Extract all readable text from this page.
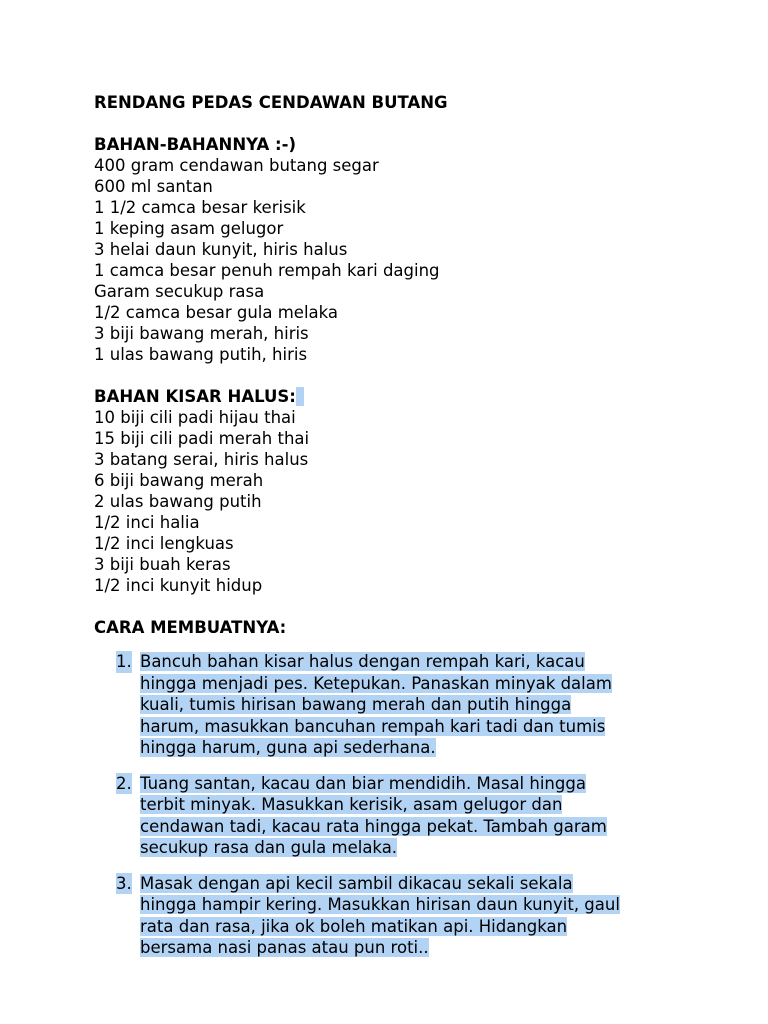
RENDANG PEDAS CENDAWAN BUTANG
BAHAN-BAHANNYA :-)
400 gram cendawan butang segar
600 ml santan
1 1/2 camca besar kerisik
1 keping asam gelugor
3 helai daun kunyit, hiris halus
1 camca besar penuh rempah kari daging
Garam secukup rasa
1/2 camca besar gula melaka
3 biji bawang merah, hiris
1 ulas bawang putih, hiris
BAHAN KISAR HALUS:
10 biji cili padi hijau thai
15 biji cili padi merah thai
3 batang serai, hiris halus
6 biji bawang merah
2 ulas bawang putih
1/2 inci halia
1/2 inci lengkuas
3 biji buah keras
1/2 inci kunyit hidup
CARA MEMBUATNYA:
1. Bancuh bahan kisar halus dengan rempah kari, kacau
hingga menjadi pes. Ketepukan. Panaskan minyak dalam
kuali, tumis hirisan bawang merah dan putih hingga
harum, masukkan bancuhan rempah kari tadi dan tumis
hingga harum, guna api sederhana.
2. Tuang santan, kacau dan biar mendidih. Masal hingga
terbit minyak. Masukkan kerisik, asam gelugor dan
cendawan tadi, kacau rata hingga pekat. Tambah garam
secukup rasa dan gula melaka.
3. Masak dengan api kecil sambil dikacau sekali sekala
hingga hampir kering. Masukkan hirisan daun kunyit, gaul
rata dan rasa, jika ok boleh matikan api. Hidangkan
bersama nasi panas atau pun roti..
